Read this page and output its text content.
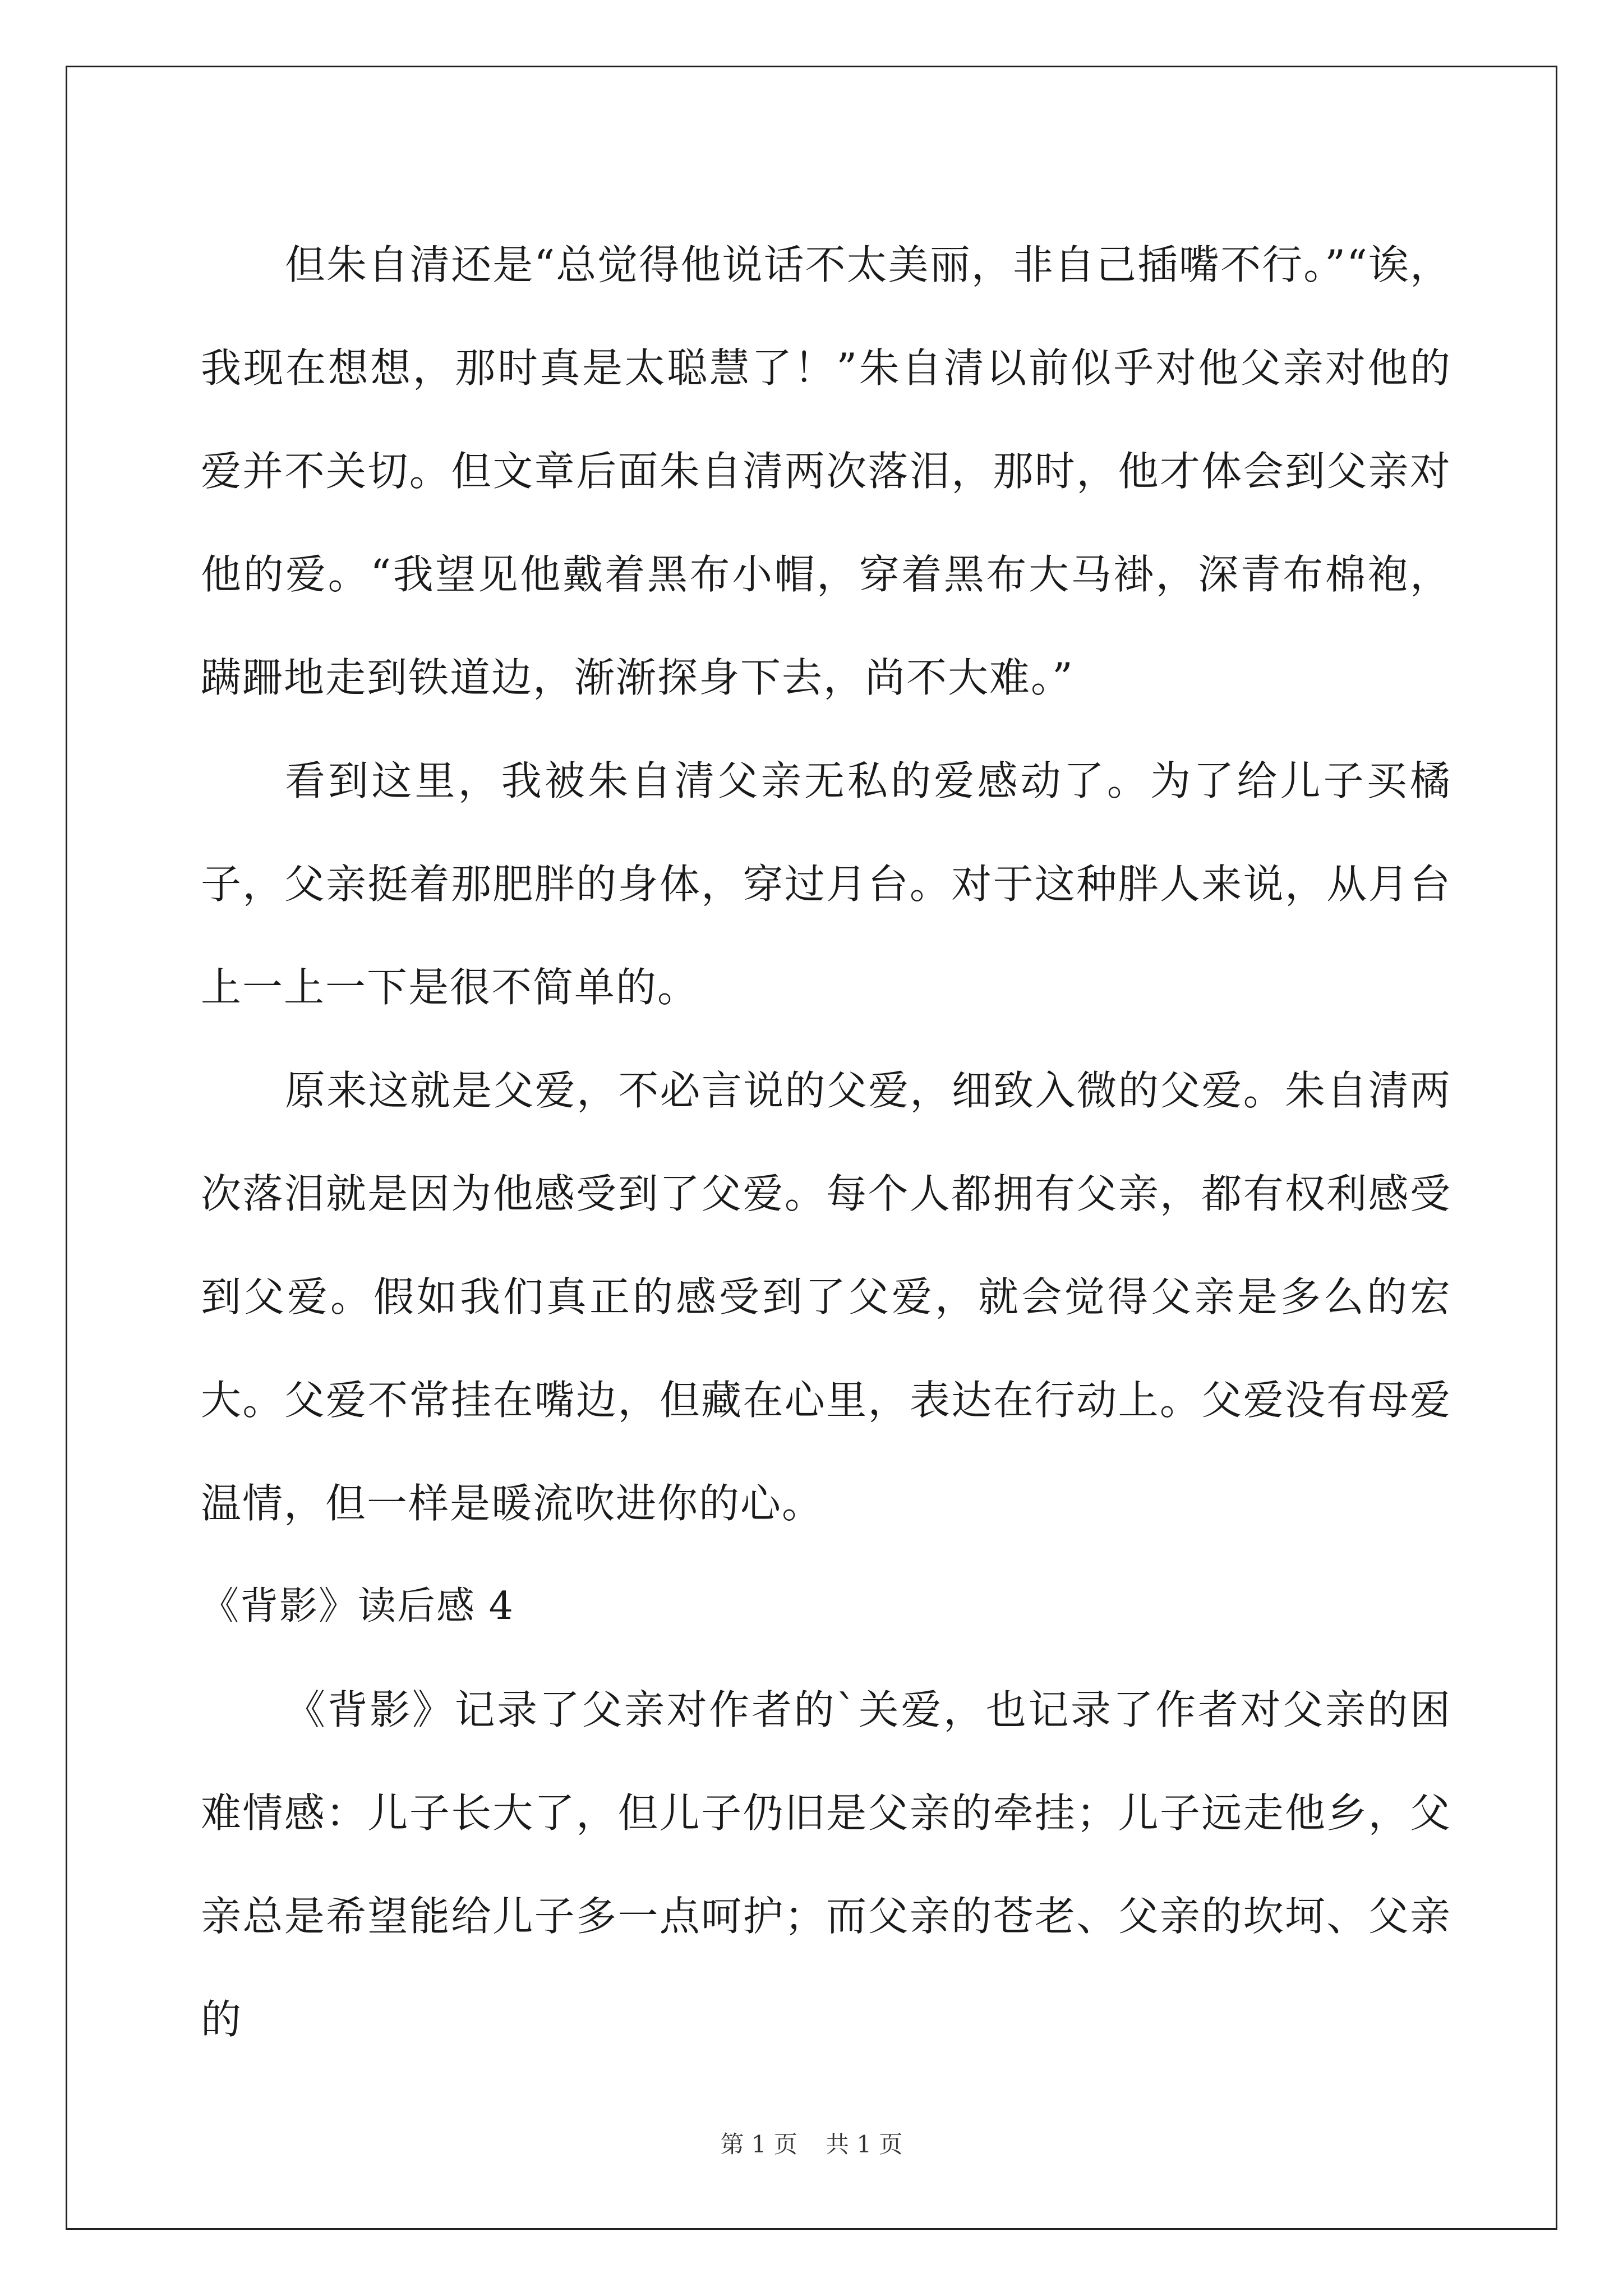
但朱自清还是“总觉得他说话不太美丽，非自己插嘴不行。”“诶，我现在想想，那时真是太聪慧了！”朱自清以前似乎对他父亲对他的爱并不关切。但文章后面朱自清两次落泪，那时，他才体会到父亲对他的爱。“我望见他戴着黑布小帽，穿着黑布大马褂，深青布棉袍，蹒跚地走到铁道边，渐渐探身下去，尚不大难。”

看到这里，我被朱自清父亲无私的爱感动了。为了给儿子买橘子，父亲挺着那肥胖的身体，穿过月台。对于这种胖人来说，从月台上一上一下是很不简单的。

原来这就是父爱，不必言说的父爱，细致入微的父爱。朱自清两次落泪就是因为他感受到了父爱。每个人都拥有父亲，都有权利感受到父爱。假如我们真正的感受到了父爱，就会觉得父亲是多么的宏大。父爱不常挂在嘴边，但藏在心里，表达在行动上。父爱没有母爱温情，但一样是暖流吹进你的心。

《背影》读后感 4

《背影》记录了父亲对作者的`关爱，也记录了作者对父亲的困难情感：儿子长大了，但儿子仍旧是父亲的牵挂；儿子远走他乡，父亲总是希望能给儿子多一点呵护；而父亲的苍老、父亲的坎坷、父亲的

第 1 页 共 1 页
